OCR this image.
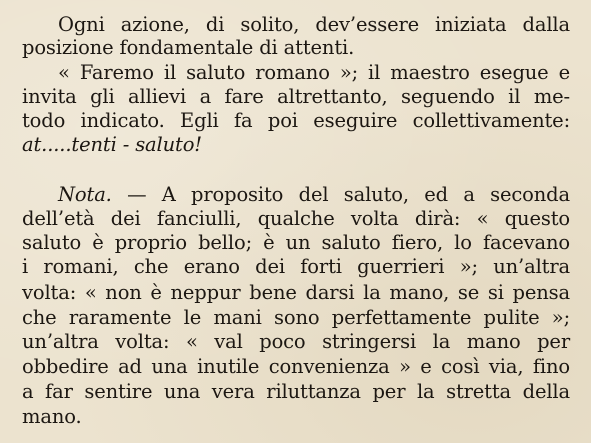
Ogni azione, di solito, dev’essere iniziata dalla
posizione fondamentale di attenti.
« Faremo il saluto romano »; il maestro esegue e
invita gli allievi a fare altrettanto, seguendo il me-
todo indicato. Egli fa poi eseguire collettivamente:
at.....tenti - saluto!
Nota. — A proposito del saluto, ed a seconda
dell’età dei fanciulli, qualche volta dirà: « questo
saluto è proprio bello; è un saluto fiero, lo facevano
i romani, che erano dei forti guerrieri »; un’altra
volta: « non è neppur bene darsi la mano, se si pensa
che raramente le mani sono perfettamente pulite »;
un’altra volta: « val poco stringersi la mano per
obbedire ad una inutile convenienza » e così via, fino
a far sentire una vera riluttanza per la stretta della
mano.
